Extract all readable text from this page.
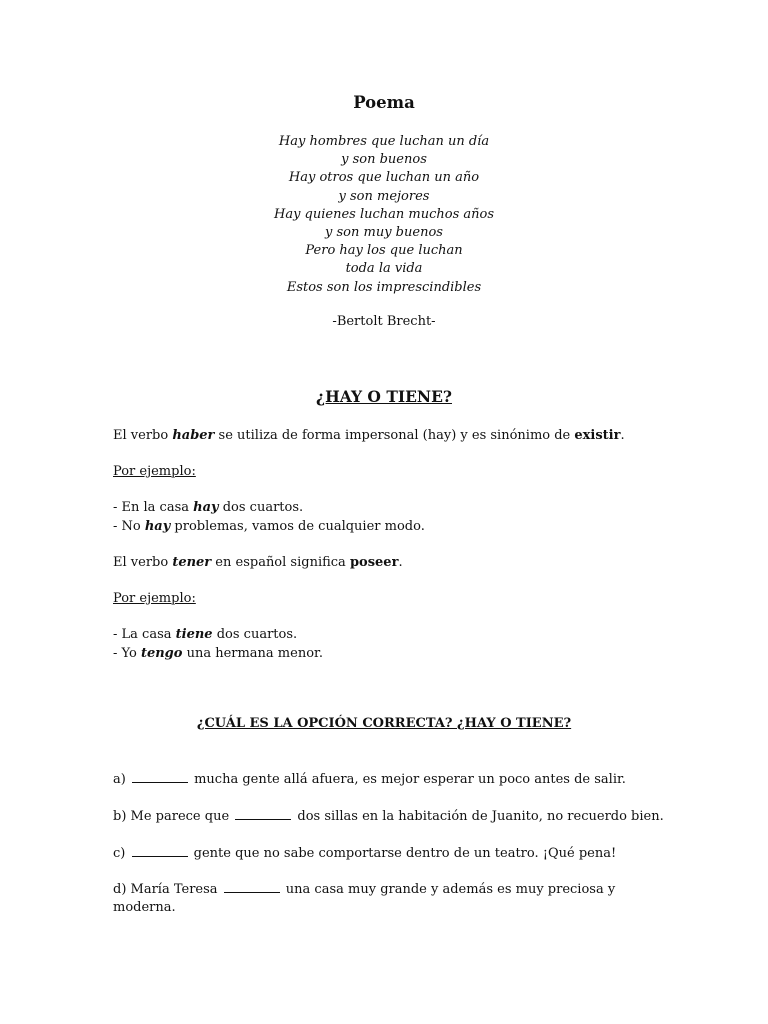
Poema
Hay hombres que luchan un día
y son buenos
Hay otros que luchan un año
y son mejores
Hay quienes luchan muchos años
y son muy buenos
Pero hay los que luchan
toda la vida
Estos son los imprescindibles
-Bertolt Brecht-
¿HAY O TIENE?
El verbo haber se utiliza de forma impersonal (hay) y es sinónimo de existir.
Por ejemplo:
- En la casa hay dos cuartos.
- No hay problemas, vamos de cualquier modo.
El verbo tener en español significa poseer.
Por ejemplo:
- La casa tiene dos cuartos.
- Yo tengo una hermana menor.
¿CUÁL ES LA OPCIÓN CORRECTA? ¿HAY O TIENE?
a)	mucha gente allá afuera, es mejor esperar un poco antes de salir.
b) Me parece que	dos sillas en la habitación de Juanito, no recuerdo bien.
c)	gente que no sabe comportarse dentro de un teatro. ¡Qué pena!
d) María Teresa	una casa muy grande y además es muy preciosa y
moderna.
